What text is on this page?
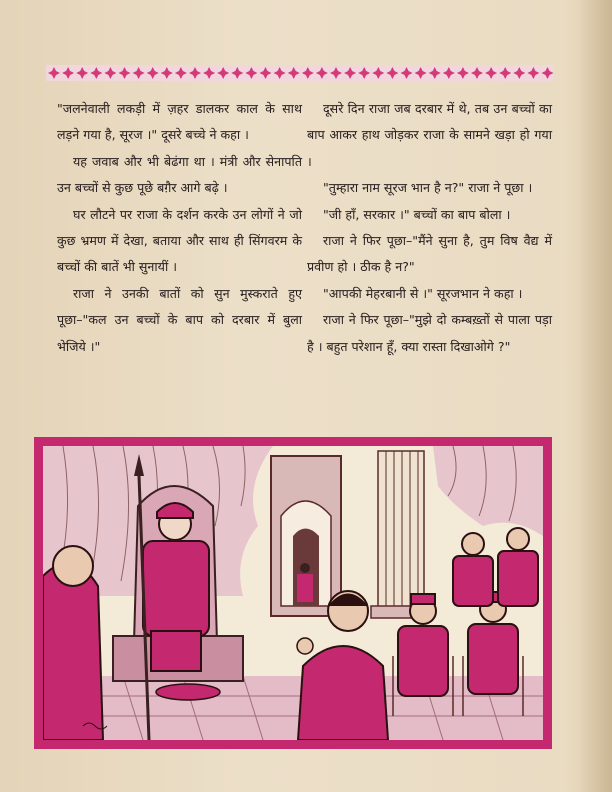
"जलनेवाली लकड़ी में ज़हर डालकर काल के साथ लड़ने गया है, सूरज ।" दूसरे बच्चे ने कहा ।

यह जवाब और भी बेढंगा था । मंत्री और सेनापति उन बच्चों से कुछ पूछे बग़ैर आगे बढ़े ।

घर लौटने पर राजा के दर्शन करके उन लोगों ने जो कुछ भ्रमण में देखा, बताया और साथ ही सिंगवरम के बच्चों की बातें भी सुनायीं ।

राजा ने उनकी बातों को सुन मुस्कराते हुए पूछा–"कल उन बच्चों के बाप को दरबार में बुला भेजिये ।"

दूसरे दिन राजा जब दरबार में थे, तब उन बच्चों का बाप आकर हाथ जोड़कर राजा के सामने खड़ा हो गया ।

"तुम्हारा नाम सूरज भान है न?" राजा ने पूछा ।

"जी हाँ, सरकार ।" बच्चों का बाप बोला ।

राजा ने फिर पूछा–"मैंने सुना है, तुम विष वैद्य में प्रवीण हो । ठीक है न?"

"आपकी मेहरबानी से ।" सूरजभान ने कहा ।

राजा ने फिर पूछा–"मुझे दो कम्बख़्तों से पाला पड़ा है । बहुत परेशान हूँ, क्या रास्ता दिखाओगे ?"
